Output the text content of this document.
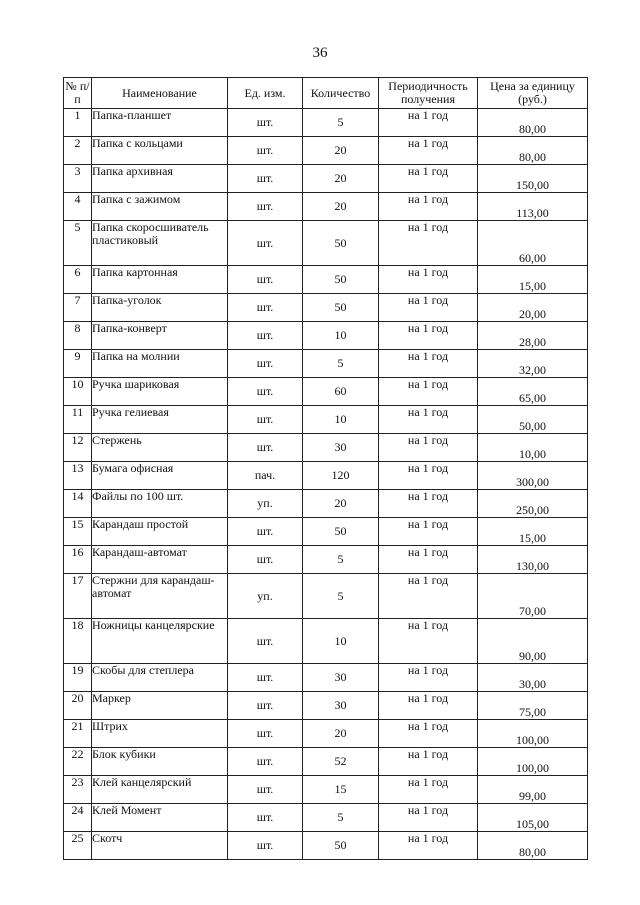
36
№ п/п	Наименование	Ед. изм.	Количество	Периодичность получения	Цена за единицу (руб.)
1	Папка-планшет	шт.	5	на 1 год	80,00
2	Папка с кольцами	шт.	20	на 1 год	80,00
3	Папка архивная	шт.	20	на 1 год	150,00
4	Папка с зажимом	шт.	20	на 1 год	113,00
5	Папка скоросшиватель пластиковый	шт.	50	на 1 год	60,00
6	Папка картонная	шт.	50	на 1 год	15,00
7	Папка-уголок	шт.	50	на 1 год	20,00
8	Папка-конверт	шт.	10	на 1 год	28,00
9	Папка на молнии	шт.	5	на 1 год	32,00
10	Ручка шариковая	шт.	60	на 1 год	65,00
11	Ручка гелиевая	шт.	10	на 1 год	50,00
12	Стержень	шт.	30	на 1 год	10,00
13	Бумага офисная	пач.	120	на 1 год	300,00
14	Файлы по 100 шт.	уп.	20	на 1 год	250,00
15	Карандаш простой	шт.	50	на 1 год	15,00
16	Карандаш-автомат	шт.	5	на 1 год	130,00
17	Стержни для карандаш-автомат	уп.	5	на 1 год	70,00
18	Ножницы канцелярские	шт.	10	на 1 год	90,00
19	Скобы для степлера	шт.	30	на 1 год	30,00
20	Маркер	шт.	30	на 1 год	75,00
21	Штрих	шт.	20	на 1 год	100,00
22	Блок кубики	шт.	52	на 1 год	100,00
23	Клей канцелярский	шт.	15	на 1 год	99,00
24	Клей Момент	шт.	5	на 1 год	105,00
25	Скотч	шт.	50	на 1 год	80,00
